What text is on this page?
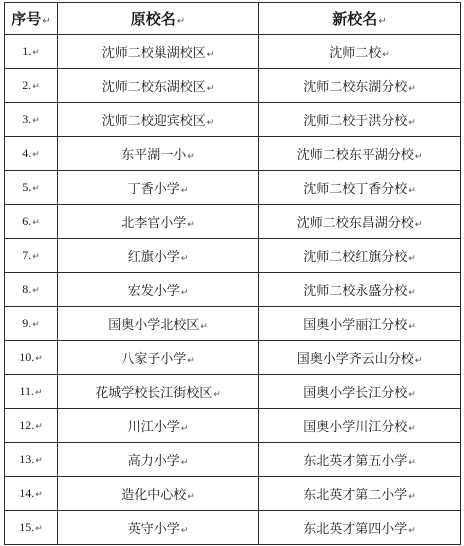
序号↵	原校名↵	新校名↵
1.↵	沈师二校巢湖校区↵	沈师二校↵
2.↵	沈师二校东湖校区↵	沈师二校东湖分校↵
3.↵	沈师二校迎宾校区↵	沈师二校于洪分校↵
4.↵	东平湖一小↵	沈师二校东平湖分校↵
5.↵	丁香小学↵	沈师二校丁香分校↵
6.↵	北李官小学↵	沈师二校东昌湖分校↵
7.↵	红旗小学↵	沈师二校红旗分校↵
8.↵	宏发小学↵	沈师二校永盛分校↵
9.↵	国奥小学北校区↵	国奥小学丽江分校↵
10.↵	八家子小学↵	国奥小学齐云山分校↵
11.↵	花城学校长江街校区↵	国奥小学长江分校↵
12.↵	川江小学↵	国奥小学川江分校↵
13.↵	高力小学↵	东北英才第五小学↵
14.↵	造化中心校↵	东北英才第二小学↵
15.↵	英守小学↵	东北英才第四小学↵
